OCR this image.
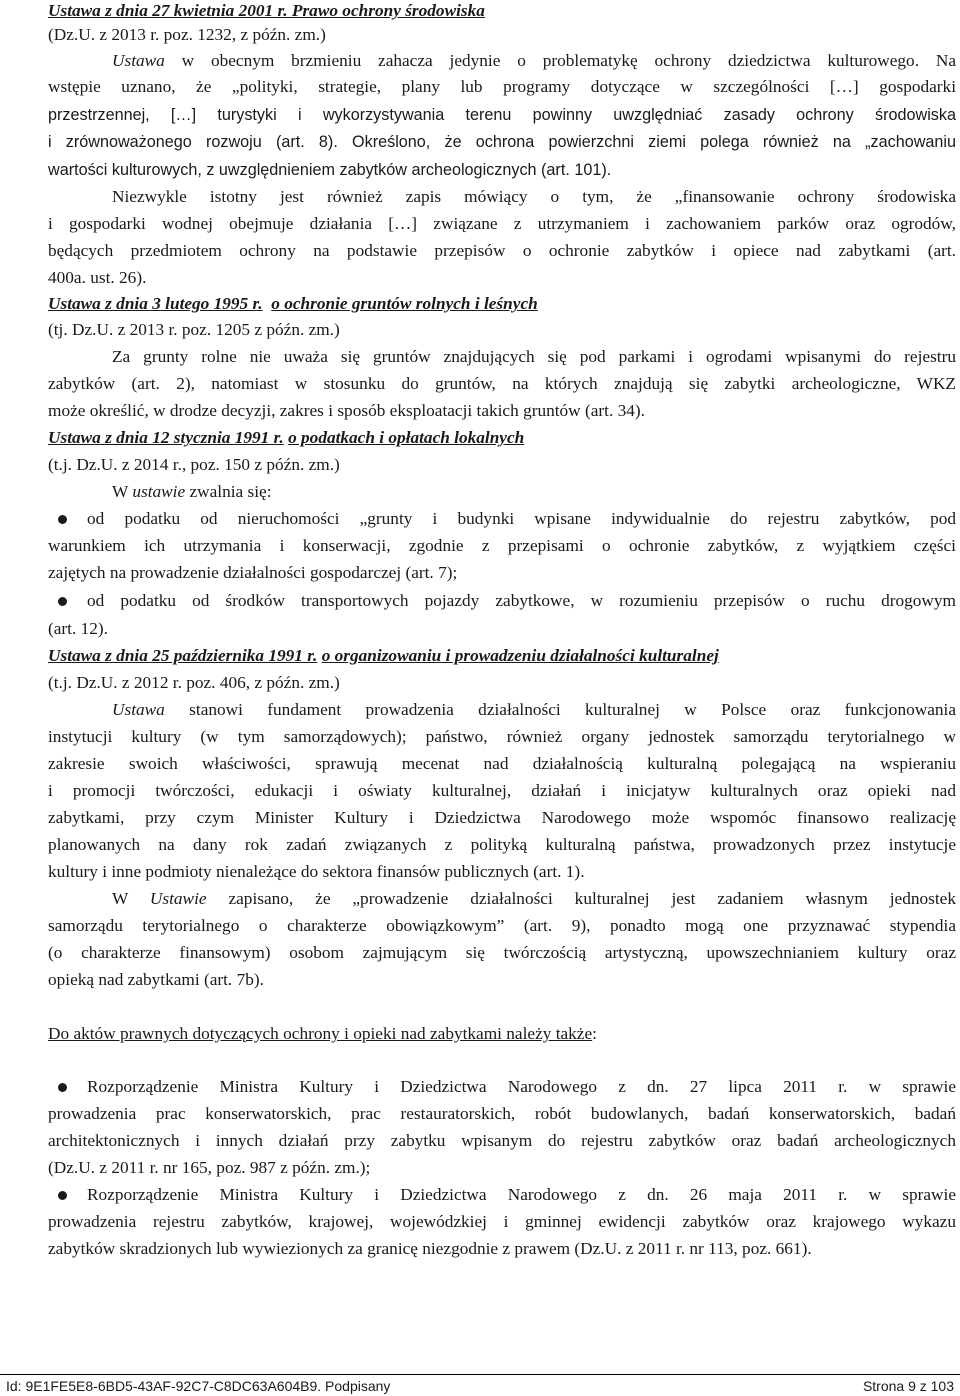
Ustawa z dnia 27 kwietnia 2001 r. Prawo ochrony środowiska
(Dz.U. z 2013 r. poz. 1232, z późn. zm.)
Ustawa w obecnym brzmieniu zahacza jedynie o problematykę ochrony dziedzictwa kulturowego. Na
wstępie uznano, że „polityki, strategie, plany lub programy dotyczące w szczególności […] gospodarki
przestrzennej, […] turystyki i wykorzystywania terenu powinny uwzględniać zasady ochrony środowiska
i zrównoważonego rozwoju (art. 8). Określono, że ochrona powierzchni ziemi polega również na „zachowaniu
wartości kulturowych, z uwzględnieniem zabytków archeologicznych (art. 101).
Niezwykle istotny jest również zapis mówiący o tym, że „finansowanie ochrony środowiska
i gospodarki wodnej obejmuje działania […] związane z utrzymaniem i zachowaniem parków oraz ogrodów,
będących przedmiotem ochrony na podstawie przepisów o ochronie zabytków i opiece nad zabytkami (art.
400a. ust. 26).
Ustawa z dnia 3 lutego 1995 r. o ochronie gruntów rolnych i leśnych
(tj. Dz.U. z 2013 r. poz. 1205 z późn. zm.)
Za grunty rolne nie uważa się gruntów znajdujących się pod parkami i ogrodami wpisanymi do rejestru
zabytków (art. 2), natomiast w stosunku do gruntów, na których znajdują się zabytki archeologiczne, WKZ
może określić, w drodze decyzji, zakres i sposób eksploatacji takich gruntów (art. 34).
Ustawa z dnia 12 stycznia 1991 r. o podatkach i opłatach lokalnych
(t.j. Dz.U. z 2014 r., poz. 150 z późn. zm.)
W ustawie zwalnia się:
od podatku od nieruchomości „grunty i budynki wpisane indywidualnie do rejestru zabytków, pod
warunkiem ich utrzymania i konserwacji, zgodnie z przepisami o ochronie zabytków, z wyjątkiem części
zajętych na prowadzenie działalności gospodarczej (art. 7);
od podatku od środków transportowych pojazdy zabytkowe, w rozumieniu przepisów o ruchu drogowym
(art. 12).
Ustawa z dnia 25 października 1991 r. o organizowaniu i prowadzeniu działalności kulturalnej
(t.j. Dz.U. z 2012 r. poz. 406, z późn. zm.)
Ustawa stanowi fundament prowadzenia działalności kulturalnej w Polsce oraz funkcjonowania
instytucji kultury (w tym samorządowych); państwo, również organy jednostek samorządu terytorialnego w
zakresie swoich właściwości, sprawują mecenat nad działalnością kulturalną polegającą na wspieraniu
i promocji twórczości, edukacji i oświaty kulturalnej, działań i inicjatyw kulturalnych oraz opieki nad
zabytkami, przy czym Minister Kultury i Dziedzictwa Narodowego może wspomóc finansowo realizację
planowanych na dany rok zadań związanych z polityką kulturalną państwa, prowadzonych przez instytucje
kultury i inne podmioty nienależące do sektora finansów publicznych (art. 1).
W Ustawie zapisano, że „prowadzenie działalności kulturalnej jest zadaniem własnym jednostek
samorządu terytorialnego o charakterze obowiązkowym” (art. 9), ponadto mogą one przyznawać stypendia
(o charakterze finansowym) osobom zajmującym się twórczością artystyczną, upowszechnianiem kultury oraz
opieką nad zabytkami (art. 7b).
Do aktów prawnych dotyczących ochrony i opieki nad zabytkami należy także:
Rozporządzenie Ministra Kultury i Dziedzictwa Narodowego z dn. 27 lipca 2011 r. w sprawie
prowadzenia prac konserwatorskich, prac restauratorskich, robót budowlanych, badań konserwatorskich, badań
architektonicznych i innych działań przy zabytku wpisanym do rejestru zabytków oraz badań archeologicznych
(Dz.U. z 2011 r. nr 165, poz. 987 z późn. zm.);
Rozporządzenie Ministra Kultury i Dziedzictwa Narodowego z dn. 26 maja 2011 r. w sprawie
prowadzenia rejestru zabytków, krajowej, wojewódzkiej i gminnej ewidencji zabytków oraz krajowego wykazu
zabytków skradzionych lub wywiezionych za granicę niezgodnie z prawem (Dz.U. z 2011 r. nr 113, poz. 661).
Id: 9E1FE5E8-6BD5-43AF-92C7-C8DC63A604B9. Podpisany	Strona 9 z 103
